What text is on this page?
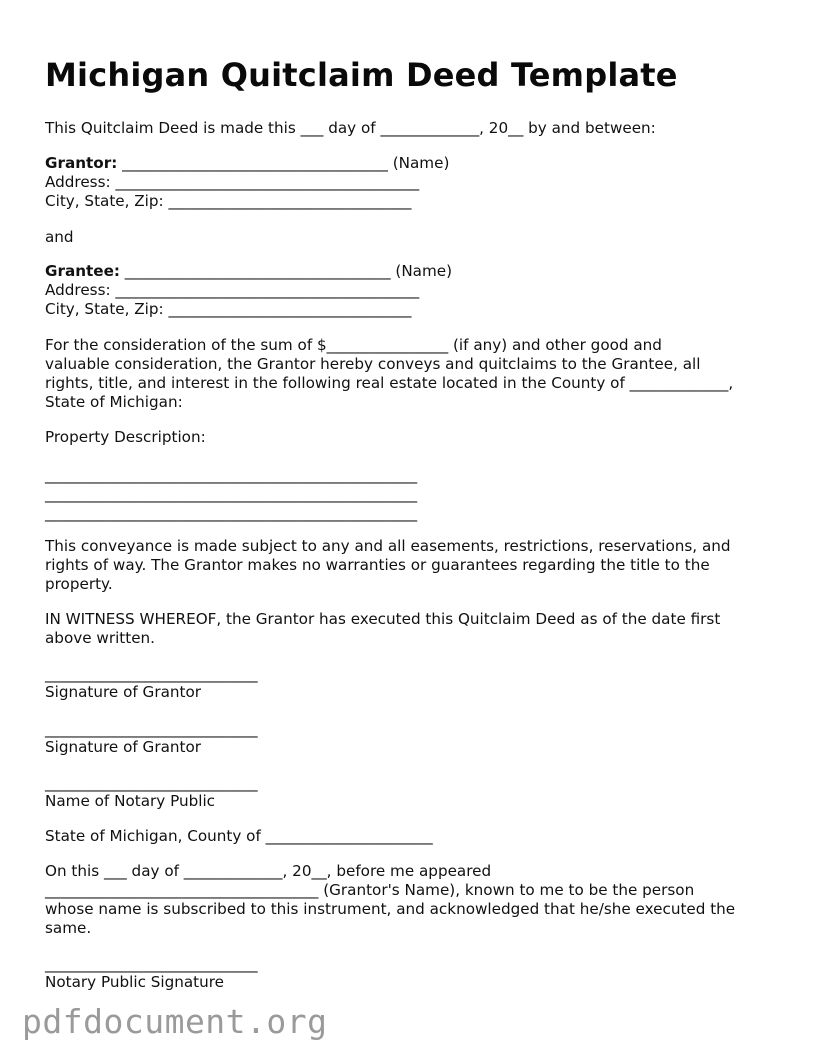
Michigan Quitclaim Deed Template

This Quitclaim Deed is made this ___ day of _____________, 20__ by and between:

Grantor: ___________________________________ (Name)

Address: ________________________________________

City, State, Zip: ________________________________

and

Grantee: ___________________________________ (Name)

Address: ________________________________________

City, State, Zip: ________________________________

For the consideration of the sum of $________________ (if any) and other good and
valuable consideration, the Grantor hereby conveys and quitclaims to the Grantee, all
rights, title, and interest in the following real estate located in the County of _____________,
State of Michigan:

Property Description:

_________________________________________________
_________________________________________________
_________________________________________________
This conveyance is made subject to any and all easements, restrictions, reservations, and
rights of way. The Grantor makes no warranties or guarantees regarding the title to the
property.
IN WITNESS WHEREOF, the Grantor has executed this Quitclaim Deed as of the date first
above written.

____________________________

Signature of Grantor

____________________________

Signature of Grantor

____________________________

Name of Notary Public

State of Michigan, County of ______________________

On this ___ day of _____________, 20__, before me appeared
____________________________________ (Grantor's Name), known to me to be the person
whose name is subscribed to this instrument, and acknowledged that he/she executed the
same.

____________________________

Notary Public Signature

pdfdocument.org
